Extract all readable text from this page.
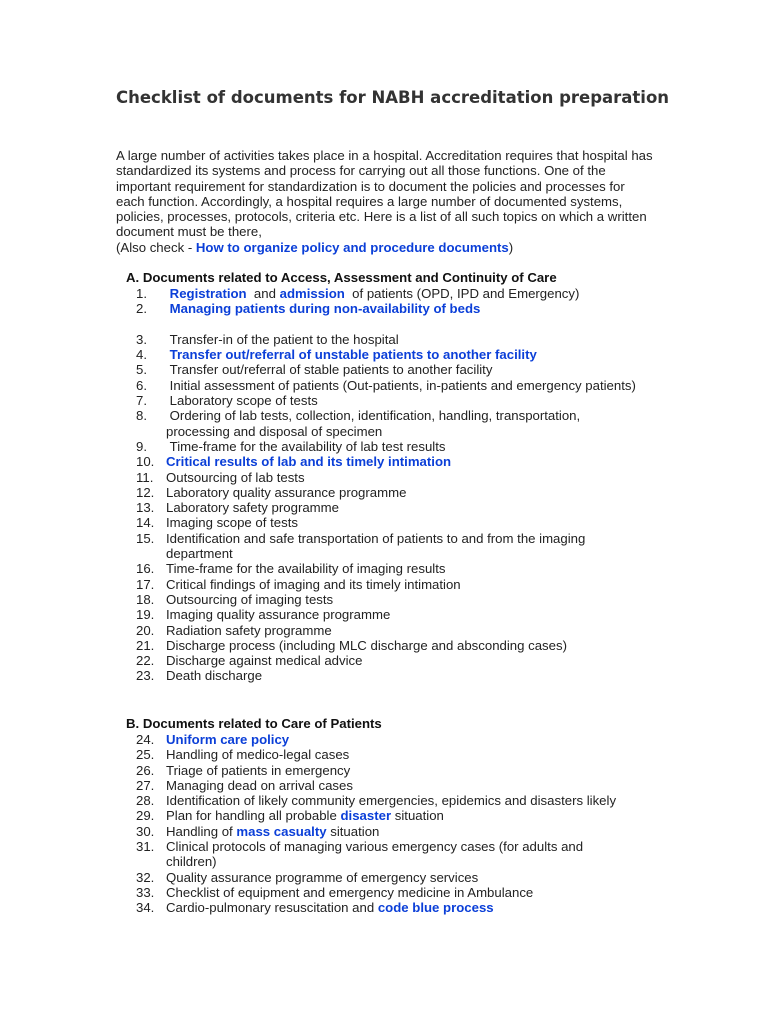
Checklist of documents for NABH accreditation preparation

A large number of activities takes place in a hospital. Accreditation requires that hospital has standardized its systems and process for carrying out all those functions. One of the important requirement for standardization is to document the policies and processes for each function. Accordingly, a hospital requires a large number of documented systems, policies, processes, protocols, criteria etc. Here is a list of all such topics on which a written document must be there,
(Also check - How to organize policy and procedure documents)

A. Documents related to Access, Assessment and Continuity of Care
1.	Registration  and admission  of patients (OPD, IPD and Emergency)
2.	Managing patients during non-availability of beds
3.	Transfer-in of the patient to the hospital
4.	Transfer out/referral of unstable patients to another facility
5.	Transfer out/referral of stable patients to another facility
6.	Initial assessment of patients (Out-patients, in-patients and emergency patients)
7.	Laboratory scope of tests
8.	Ordering of lab tests, collection, identification, handling, transportation, processing and disposal of specimen
9.	Time-frame for the availability of lab test results
10. Critical results of lab and its timely intimation
11. Outsourcing of lab tests
12. Laboratory quality assurance programme
13. Laboratory safety programme
14. Imaging scope of tests
15. Identification and safe transportation of patients to and from the imaging department
16. Time-frame for the availability of imaging results
17. Critical findings of imaging and its timely intimation
18. Outsourcing of imaging tests
19. Imaging quality assurance programme
20. Radiation safety programme
21. Discharge process (including MLC discharge and absconding cases)
22. Discharge against medical advice
23. Death discharge
B. Documents related to Care of Patients
24. Uniform care policy
25. Handling of medico-legal cases
26. Triage of patients in emergency
27. Managing dead on arrival cases
28. Identification of likely community emergencies, epidemics and disasters likely
29. Plan for handling all probable disaster situation
30. Handling of mass casualty situation
31. Clinical protocols of managing various emergency cases (for adults and children)
32. Quality assurance programme of emergency services
33. Checklist of equipment and emergency medicine in Ambulance
34. Cardio-pulmonary resuscitation and code blue process
